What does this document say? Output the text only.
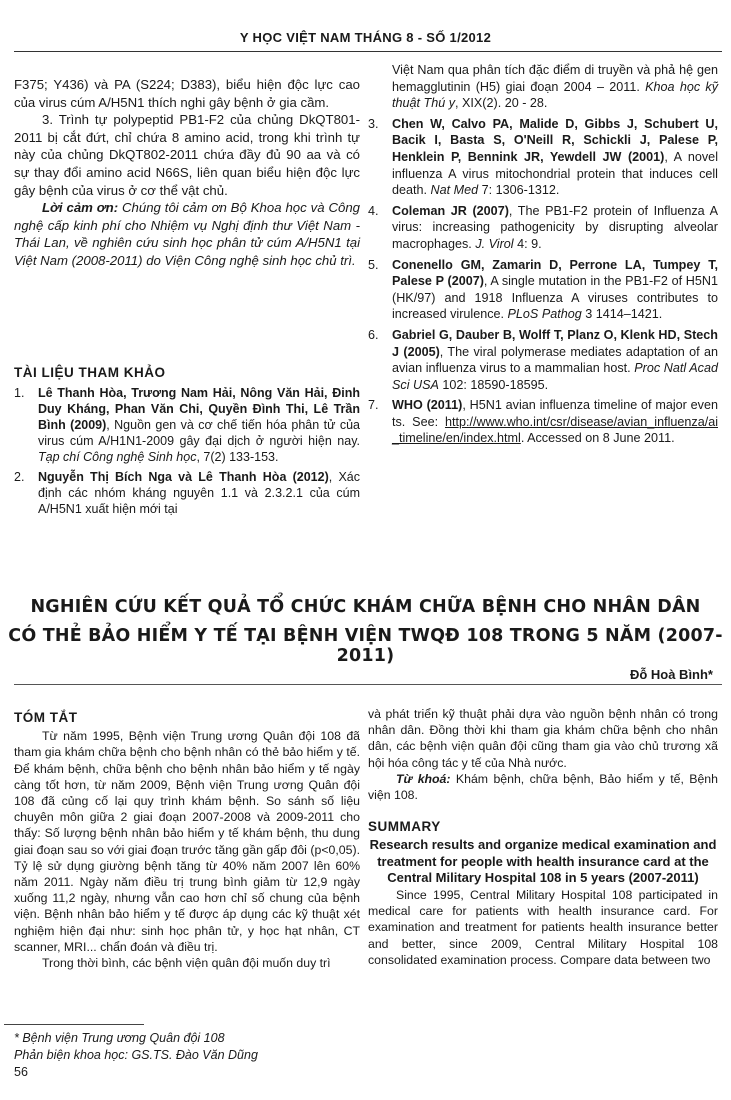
Y HỌC VIỆT NAM THÁNG 8 - SỐ 1/2012

F375; Y436) và PA (S224; D383), biểu hiện độc lực cao của virus cúm A/H5N1 thích nghi gây bệnh ở gia cầm.

3. Trình tự polypeptid PB1-F2 của chủng DkQT801-2011 bị cắt đứt, chỉ chứa 8 amino acid, trong khi trình tự này của chủng DkQT802-2011 chứa đầy đủ 90 aa và có sự thay đổi amino acid N66S, liên quan biểu hiện độc lực gây bệnh của virus ở cơ thể vật chủ.

Lời cảm ơn: Chúng tôi cảm ơn Bộ Khoa học và Công nghệ cấp kinh phí cho Nhiệm vụ Nghị định thư Việt Nam - Thái Lan, về nghiên cứu sinh học phân tử cúm A/H5N1 tại Việt Nam (2008-2011) do Viện Công nghệ sinh học chủ trì.

TÀI LIỆU THAM KHẢO

1. Lê Thanh Hòa, Trương Nam Hải, Nông Văn Hải, Đinh Duy Kháng, Phan Văn Chi, Quyền Đình Thi, Lê Trần Bình (2009), Nguồn gen và cơ chế tiến hóa phân tử của virus cúm A/H1N1-2009 gây đại dịch ở người hiện nay. Tạp chí Công nghệ Sinh học, 7(2) 133-153.
2. Nguyễn Thị Bích Nga và Lê Thanh Hòa (2012), Xác định các nhóm kháng nguyên 1.1 và 2.3.2.1 của cúm A/H5N1 xuất hiện mới tại
Việt Nam qua phân tích đặc điểm di truyền và phả hệ gen hemagglutinin (H5) giai đoạn 2004 – 2011. Khoa học kỹ thuật Thú y, XIX(2). 20 - 28.
3. Chen W, Calvo PA, Malide D, Gibbs J, Schubert U, Bacik I, Basta S, O'Neill R, Schickli J, Palese P, Henklein P, Bennink JR, Yewdell JW (2001), A novel influenza A virus mitochondrial protein that induces cell death. Nat Med 7: 1306-1312.
4. Coleman JR (2007), The PB1-F2 protein of Influenza A virus: increasing pathogenicity by disrupting alveolar macrophages. J. Virol 4: 9.
5. Conenello GM, Zamarin D, Perrone LA, Tumpey T, Palese P (2007), A single mutation in the PB1-F2 of H5N1 (HK/97) and 1918 Influenza A viruses contributes to increased virulence. PLoS Pathog 3 1414–1421.
6. Gabriel G, Dauber B, Wolff T, Planz O, Klenk HD, Stech J (2005), The viral polymerase mediates adaptation of an avian influenza virus to a mammalian host. Proc Natl Acad Sci USA 102: 18590-18595.
7. WHO (2011), H5N1 avian influenza timeline of major events. See: http://www.who.int/csr/disease/avian_influenza/ai_timeline/en/index.html. Accessed on 8 June 2011.
NGHIÊN CỨU KẾT QUẢ TỔ CHỨC KHÁM CHỮA BỆNH CHO NHÂN DÂN
CÓ THẺ BẢO HIỂM Y TẾ TẠI BỆNH VIỆN TWQĐ 108 TRONG 5 NĂM (2007-2011)
Đỗ Hoà Bình*

TÓM TẮT

Từ năm 1995, Bệnh viện Trung ương Quân đội 108 đã tham gia khám chữa bệnh cho bệnh nhân có thẻ bảo hiểm y tế. Để khám bệnh, chữa bệnh cho bệnh nhân bảo hiểm y tế ngày càng tốt hơn, từ năm 2009, Bệnh viện Trung ương Quân đội 108 đã củng cố lại quy trình khám bệnh. So sánh số liệu chuyên môn giữa 2 giai đoạn 2007-2008 và 2009-2011 cho thấy: Số lượng bệnh nhân bảo hiểm y tế khám bệnh, thu dung giai đoạn sau so với giai đoạn trước tăng gần gấp đôi (p<0,05). Tỷ lệ sử dụng giường bệnh tăng từ 40% năm 2007 lên 60% năm 2011. Ngày năm điều trị trung bình giảm từ 12,9 ngày xuống 11,2 ngày, nhưng vẫn cao hơn chỉ số chung của bệnh viện. Bệnh nhân bảo hiểm y tế được áp dụng các kỹ thuật xét nghiệm hiện đại như: sinh học phân tử, y học hạt nhân, CT scanner, MRI... chẩn đoán và điều trị.

Trong thời bình, các bệnh viện quân đội muốn duy trì

và phát triển kỹ thuật phải dựa vào nguồn bệnh nhân có trong nhân dân. Đồng thời khi tham gia khám chữa bệnh cho nhân dân, các bệnh viện quân đội cũng tham gia vào chủ trương xã hội hóa công tác y tế của Nhà nước.

Từ khoá: Khám bệnh, chữa bệnh, Bảo hiểm y tế, Bệnh viện 108.

SUMMARY

Research results and organize medical examination and treatment for people with health insurance card at the Central Military Hospital 108 in 5 years (2007-2011)

Since 1995, Central Military Hospital 108 participated in medical care for patients with health insurance card. For examination and treatment for patients health insurance better and better, since 2009, Central Military Hospital 108 consolidated examination process. Compare data between two

* Bệnh viện Trung ương Quân đội 108
Phản biện khoa học: GS.TS. Đào Văn Dũng
56
